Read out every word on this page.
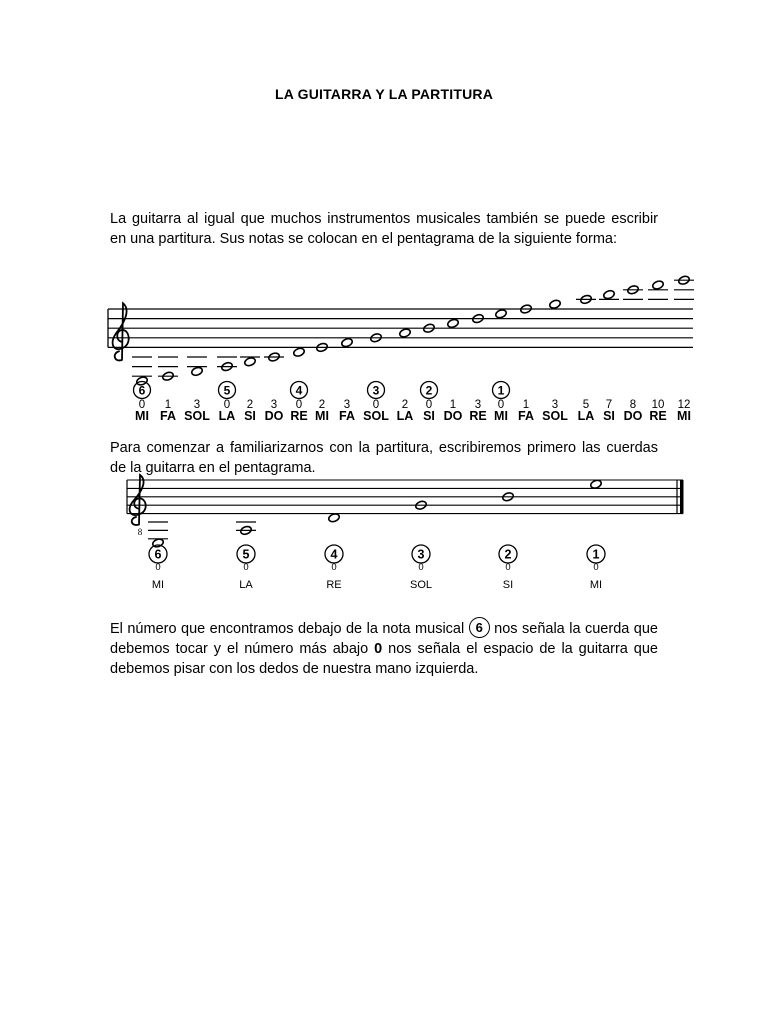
LA GUITARRA Y LA PARTITURA
La guitarra al igual que muchos instrumentos musicales también se puede escribir en una partitura. Sus notas se colocan en el pentagrama de la siguiente forma:
6
0
MI
1
FA
3
SOL
5
0
LA
2
SI
3
DO
4
0
RE
2
MI
3
FA
3
0
SOL
2
LA
2
0
SI
1
DO
3
RE
1
0
MI
1
FA
3
SOL
5
LA
7
SI
8
DO
10
RE
12
MI
Para comenzar a familiarizarnos con la partitura, escribiremos primero las cuerdas de la guitarra en el pentagrama.
8
6
0
MI
5
0
LA
4
0
RE
3
0
SOL
2
0
SI
1
0
MI
El número que encontramos debajo de la nota musical 6 nos señala la cuerda que debemos tocar y el número más abajo 0 nos señala el espacio de la guitarra que debemos pisar con los dedos de nuestra mano izquierda.
